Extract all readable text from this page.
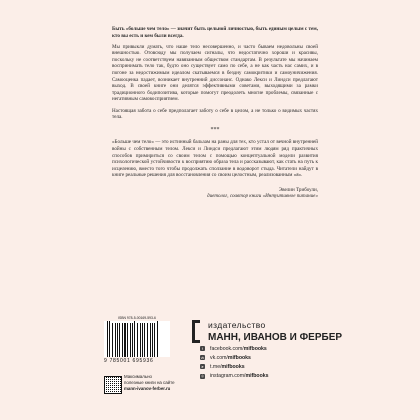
Быть «больше чем тело» — значит быть цельной личностью, быть единым целым с тем, кто вы есть и кем были всегда.

Мы привыкли думать, что наше тело несовершенно, и часто бываем недовольны своей внешностью. Отовсюду мы получаем сигналы, что недостаточно хороши и красивы, поскольку не соответствуем навязанным обществом стандартам. В результате мы начинаем воспринимать тело так, будто оно существует само по себе, а не как часть нас самих, и в погоне за недостижимым идеалом скатываемся в бездну самокритики и самоуничижения. Самооценка падает, возникает внутренний диссонанс. Однако Лекси и Линдси предлагают выход. В своей книге они делятся эффективными советами, выходящими за рамки традиционного бодипозитива, которые помогут преодолеть многие проблемы, связанные с негативным самовосприятием.

Настоящая забота о себе предполагает заботу о себе в целом, а не только о видимых частях тела.

***

«Больше чем тело» — это истинный бальзам на раны для тех, кто устал от вечной внутренней войны с собственным телом. Лекси и Линдси предлагают этим людям ряд практичных способов примириться со своим телом с помощью концептуальной модели развития психологической устойчивости к восприятию образа тела и рассказывают, как стать на путь к исцелению, вместо того чтобы продолжать сползание в водоворот стыда. Читатели найдут в книге реальные решения для восстановления со своим целостным, реализованным «я».

Эвелин Трибоули,
диетолог, соавтор книги «Интуитивное питание»
ISBN 978-5-00169-593-6
9 785001 695936
издательство
МАНН, ИВАНОВ И ФЕРБЕР
f	facebook.com/ mifbooks
vk vk.com/ mifbooks
➤ t.me/ mifbooks
◎ instagram.com/ mifbooks
Максимально
полезные книги на сайте
mann-ivanov-ferber.ru
